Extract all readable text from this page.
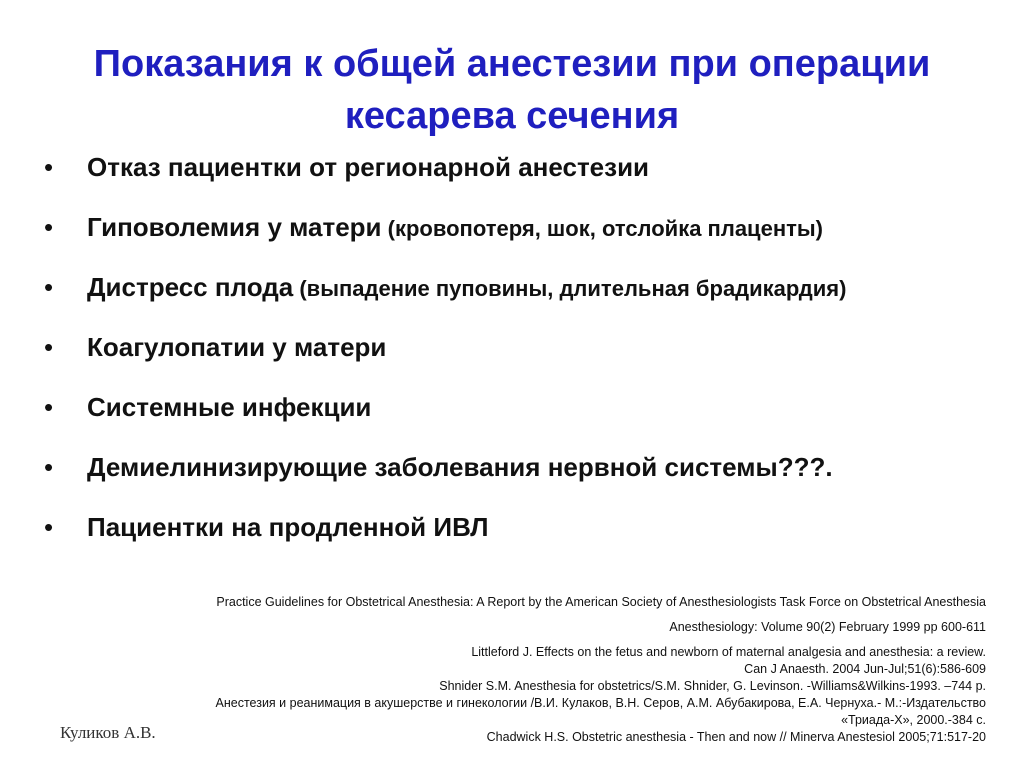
Показания к общей анестезии при операции
кесарева сечения
• Отказ пациентки от регионарной анестезии
• Гиповолемия у матери (кровопотеря, шок, отслойка плаценты)
• Дистресс плода (выпадение пуповины, длительная брадикардия)
• Коагулопатии у матери
• Системные инфекции
• Демиелинизирующие заболевания нервной системы???.
• Пациентки на продленной ИВЛ
Practice Guidelines for Obstetrical Anesthesia: A Report by the American Society of Anesthesiologists Task Force on Obstetrical Anesthesia
Anesthesiology: Volume 90(2) February 1999 pp 600-611
Littleford J. Effects on the fetus and newborn of maternal analgesia and anesthesia: a review.
Can J Anaesth. 2004 Jun-Jul;51(6):586-609
Shnider S.M. Anesthesia for obstetrics/S.M. Shnider, G. Levinson. -Williams&Wilkins-1993. –744 p.
Анестезия и реанимация в акушерстве и гинекологии /В.И. Кулаков, В.Н. Серов, А.М. Абубакирова, Е.А. Чернуха.- М.:-Издательство
«Триада-Х», 2000.-384 с.
Chadwick H.S. Obstetric anesthesia - Then and now // Minerva Anestesiol 2005;71:517-20
Куликов А.В.
